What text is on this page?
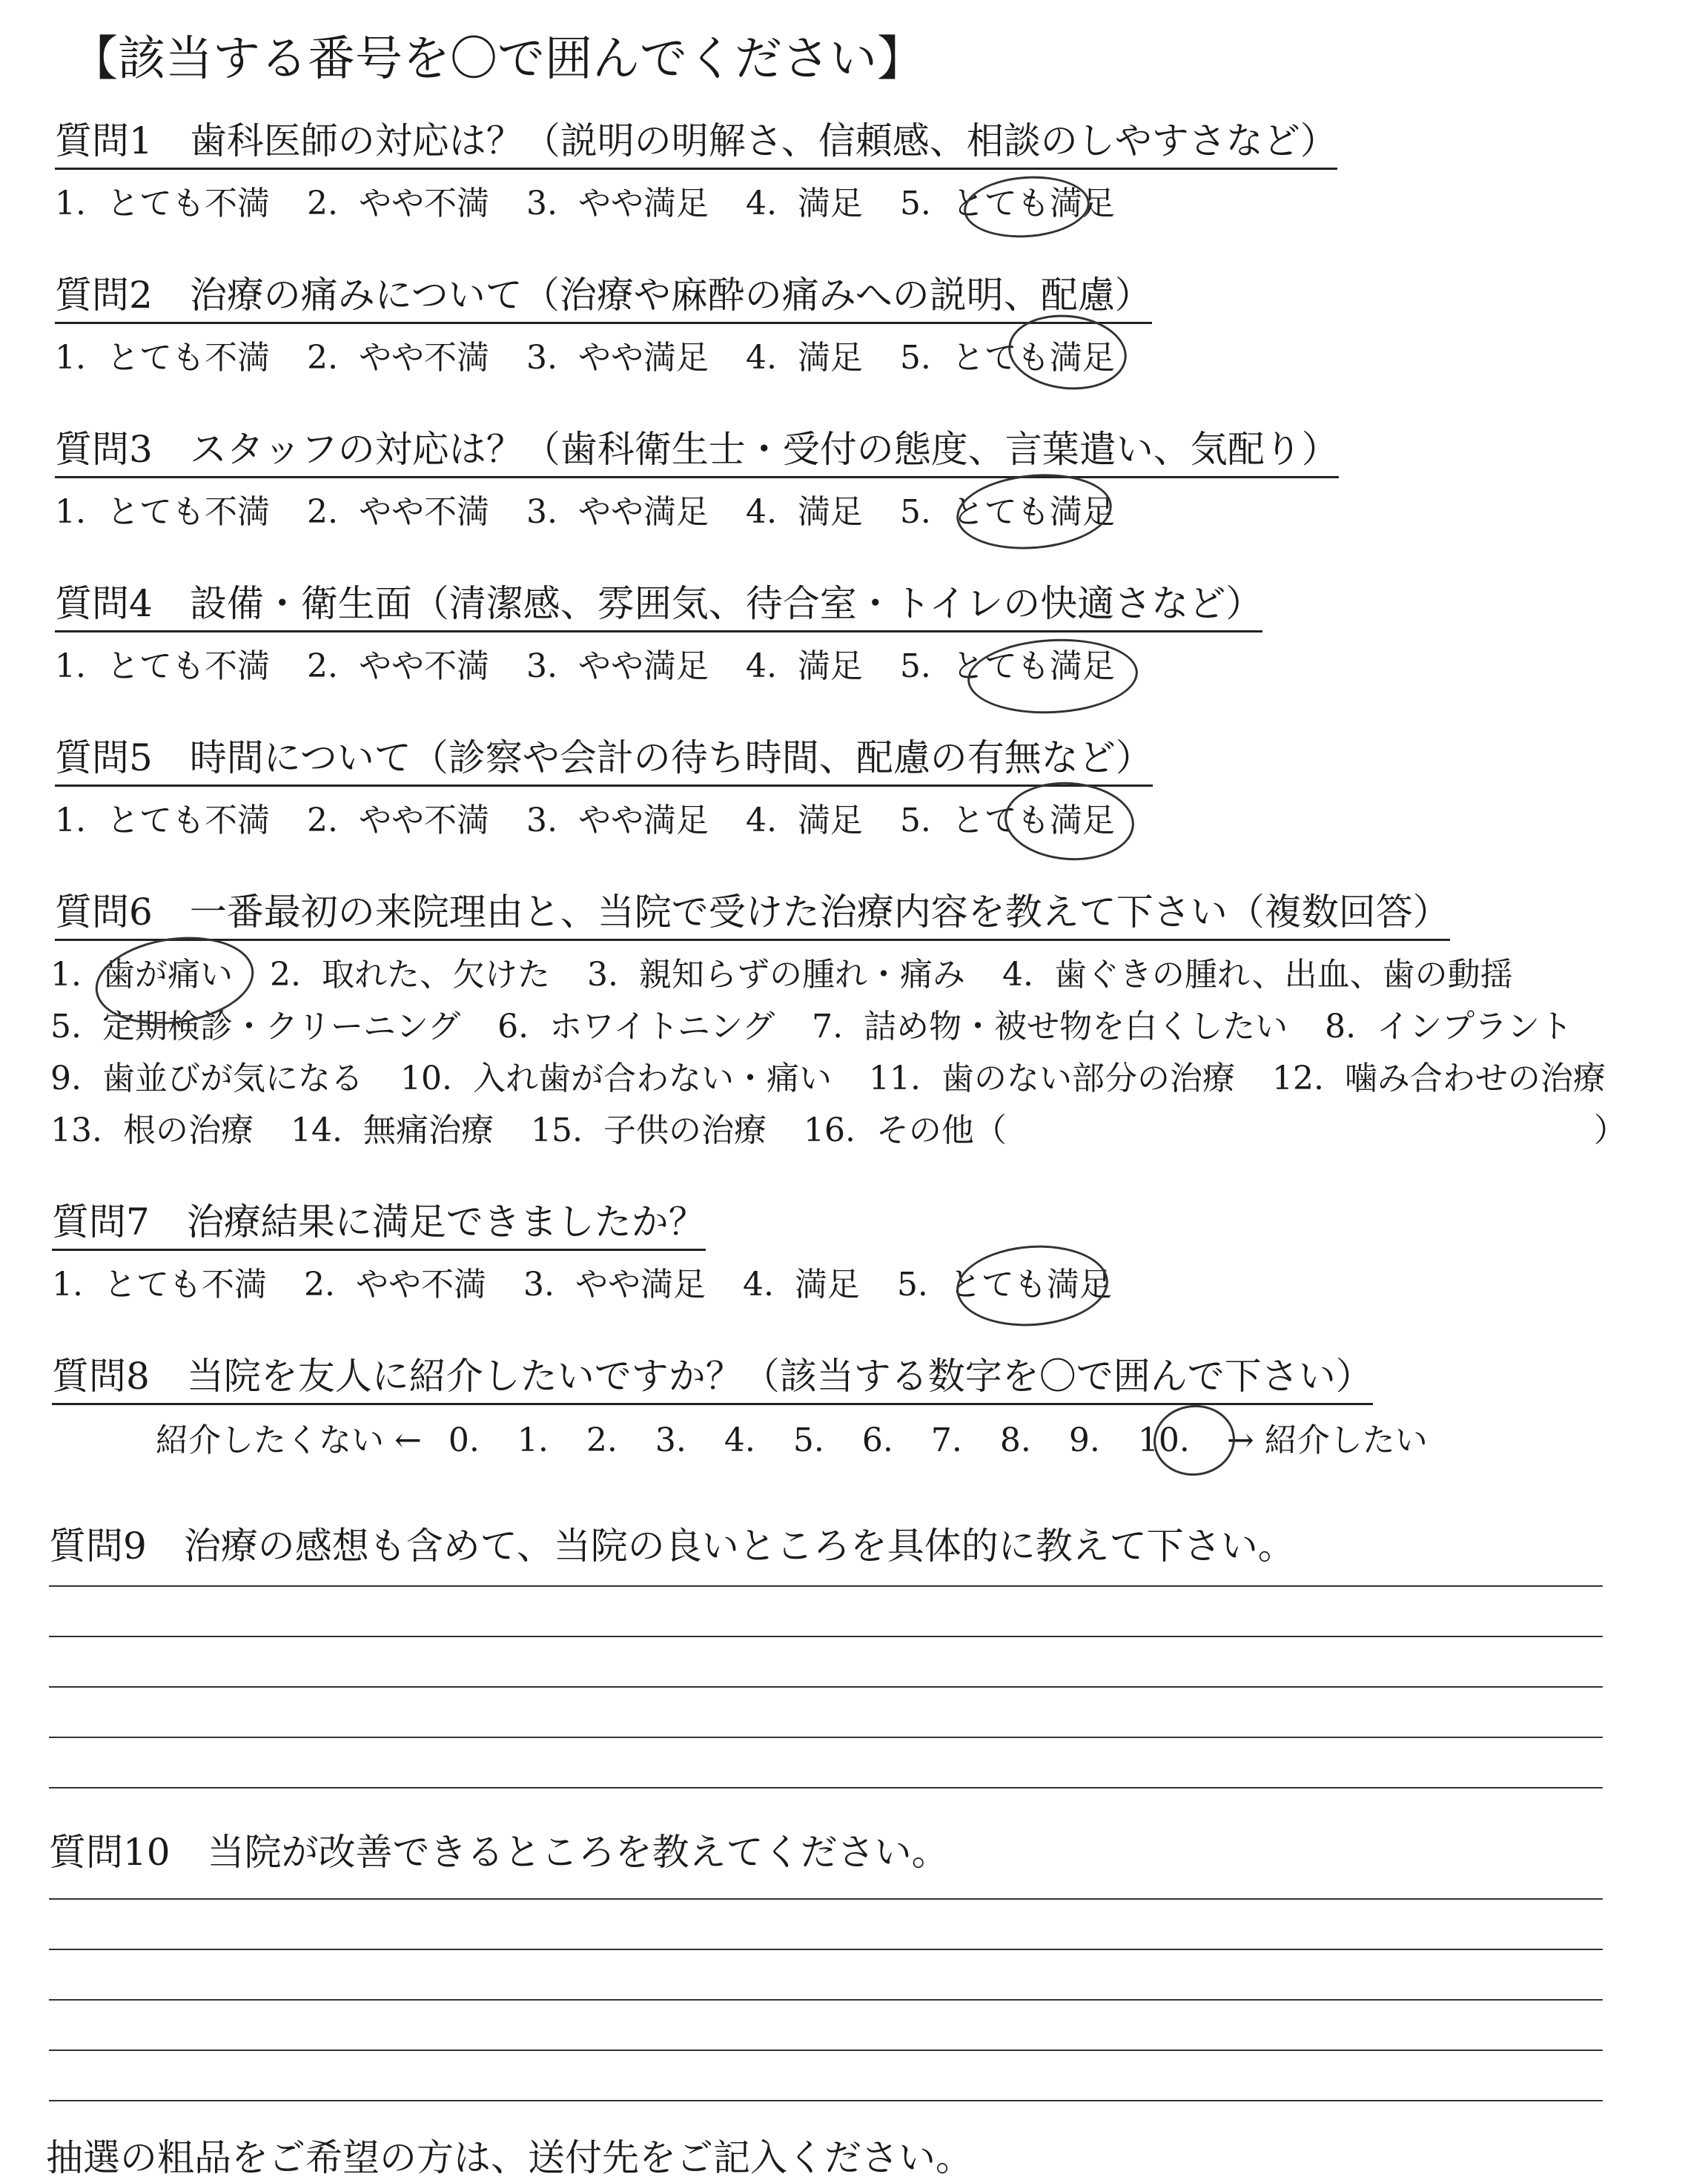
【該当する番号を〇で囲んでください】
質問1　 歯科医師の対応は？（説明の明解さ、信頼感、相談のしやすさなど）
1. とても不満 2. やや不満 3. やや満足 4. 満足 5. とても満足
質問2　 治療の痛みについて（治療や麻酔の痛みへの説明、配慮）
1. とても不満 2. やや不満 3. やや満足 4. 満足 5. とても満足
質問3　 スタッフの対応は？（歯科衛生士・受付の態度、言葉遣い、気配り）
1. とても不満 2. やや不満 3. やや満足 4. 満足 5. とても満足
質問4　 設備・衛生面（清潔感、雰囲気、待合室・トイレの快適さなど）
1. とても不満 2. やや不満 3. やや満足 4. 満足 5. とても満足
質問5　 時間について（診察や会計の待ち時間、配慮の有無など）
1. とても不満 2. やや不満 3. やや満足 4. 満足 5. とても満足
質問6　 一番最初の来院理由と、当院で受けた治療内容を教えて下さい（複数回答）
1. 歯が痛い 2. 取れた、欠けた 3. 親知らずの腫れ・痛み 4. 歯ぐきの腫れ、出血、歯の動揺
5. 定期検診・クリーニング 6. ホワイトニング 7. 詰め物・被せ物を白くしたい 8. インプラント
9. 歯並びが気になる 10. 入れ歯が合わない・痛い 11. 歯のない部分の治療 12. 噛み合わせの治療
13. 根の治療 14. 無痛治療 15. 子供の治療 16. その他（	）
質問7　 治療結果に満足できましたか？
1. とても不満 2. やや不満 3. やや満足 4. 満足 5. とても満足
質問8　 当院を友人に紹介したいですか？（該当する数字を〇で囲んで下さい）
紹介したくない ← 0. 1. 2. 3. 4. 5. 6. 7. 8. 9. 10. → 紹介したい
質問9　 治療の感想も含めて、当院の良いところを具体的に教えて下さい。
質問10　 当院が改善できるところを教えてください。
抽選の粗品をご希望の方は、送付先をご記入ください。
